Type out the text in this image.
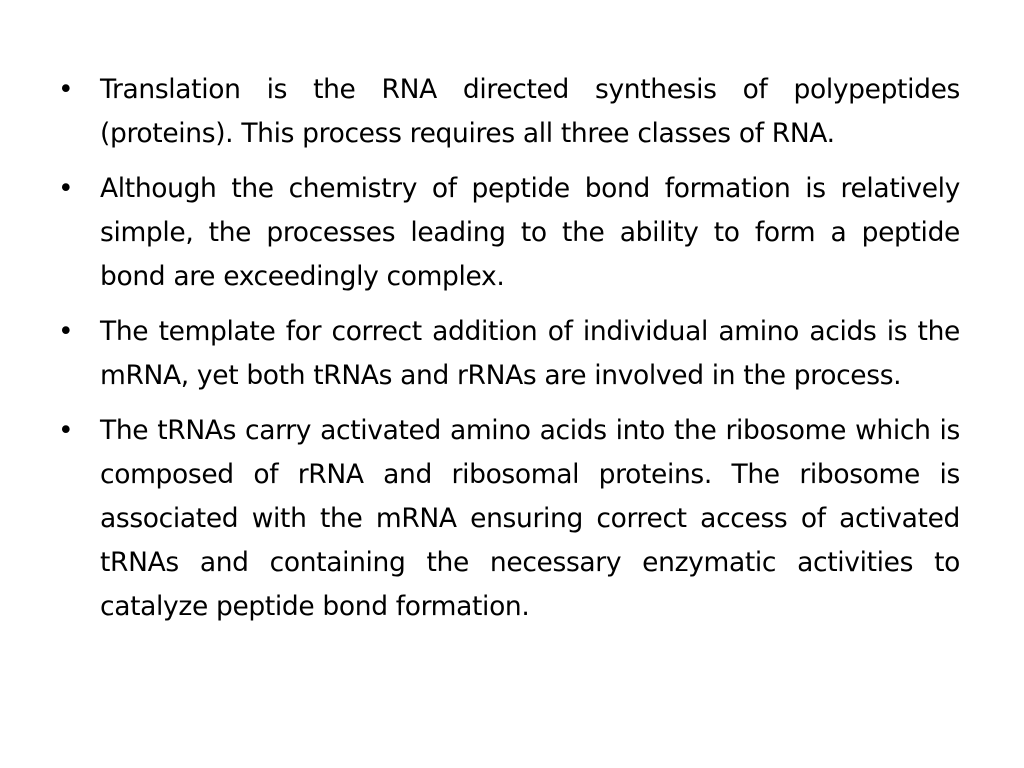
• Translation is the RNA directed synthesis of polypeptides (proteins). This process requires all three classes of RNA.
• Although the chemistry of peptide bond formation is relatively simple, the processes leading to the ability to form a peptide bond are exceedingly complex.
• The template for correct addition of individual amino acids is the mRNA, yet both tRNAs and rRNAs are involved in the process.
• The tRNAs carry activated amino acids into the ribosome which is composed of rRNA and ribosomal proteins. The ribosome is associated with the mRNA ensuring correct access of activated tRNAs and containing the necessary enzymatic activities to catalyze peptide bond formation.
